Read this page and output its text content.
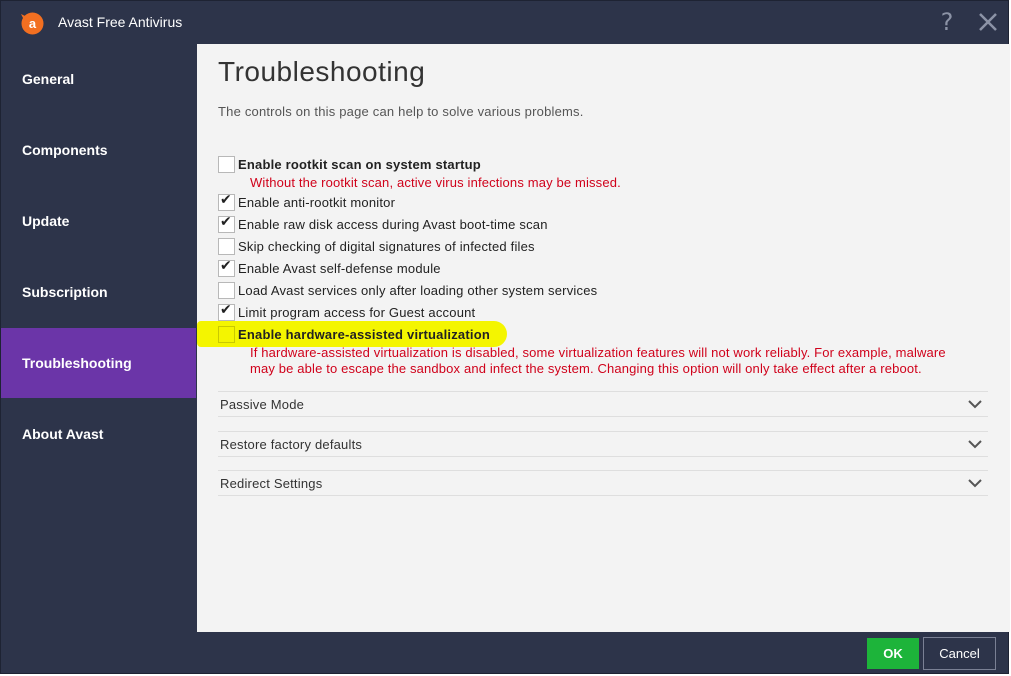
a Avast Free Antivirus	?
General
Components
Update
Subscription
Troubleshooting
About Avast
Troubleshooting
The controls on this page can help to solve various problems.
Enable rootkit scan on system startup
Without the rootkit scan, active virus infections may be missed.
✔ Enable anti-rootkit monitor
✔ Enable raw disk access during Avast boot-time scan
Skip checking of digital signatures of infected files
✔ Enable Avast self-defense module
Load Avast services only after loading other system services
✔ Limit program access for Guest account
Enable hardware-assisted virtualization
If hardware-assisted virtualization is disabled, some virtualization features will not work reliably. For example, malware
may be able to escape the sandbox and infect the system. Changing this option will only take effect after a reboot.
Passive Mode
Restore factory defaults
Redirect Settings
OK	Cancel
